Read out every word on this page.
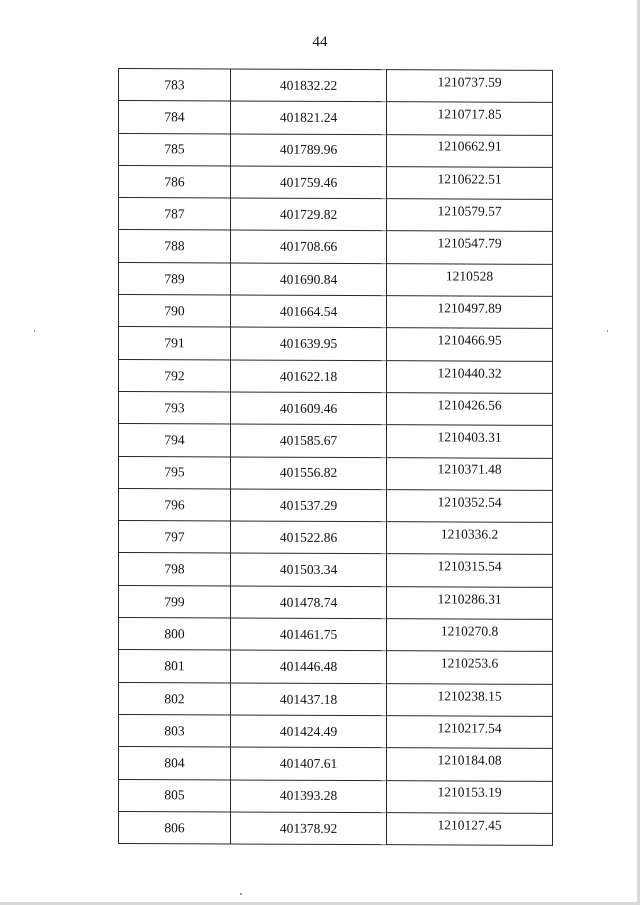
44
783	401832.22	1210737.59
784	401821.24	1210717.85
785	401789.96	1210662.91
786	401759.46	1210622.51
787	401729.82	1210579.57
788	401708.66	1210547.79
789	401690.84	1210528
790	401664.54	1210497.89
791	401639.95	1210466.95
792	401622.18	1210440.32
793	401609.46	1210426.56
794	401585.67	1210403.31
795	401556.82	1210371.48
796	401537.29	1210352.54
797	401522.86	1210336.2
798	401503.34	1210315.54
799	401478.74	1210286.31
800	401461.75	1210270.8
801	401446.48	1210253.6
802	401437.18	1210238.15
803	401424.49	1210217.54
804	401407.61	1210184.08
805	401393.28	1210153.19
806	401378.92	1210127.45
